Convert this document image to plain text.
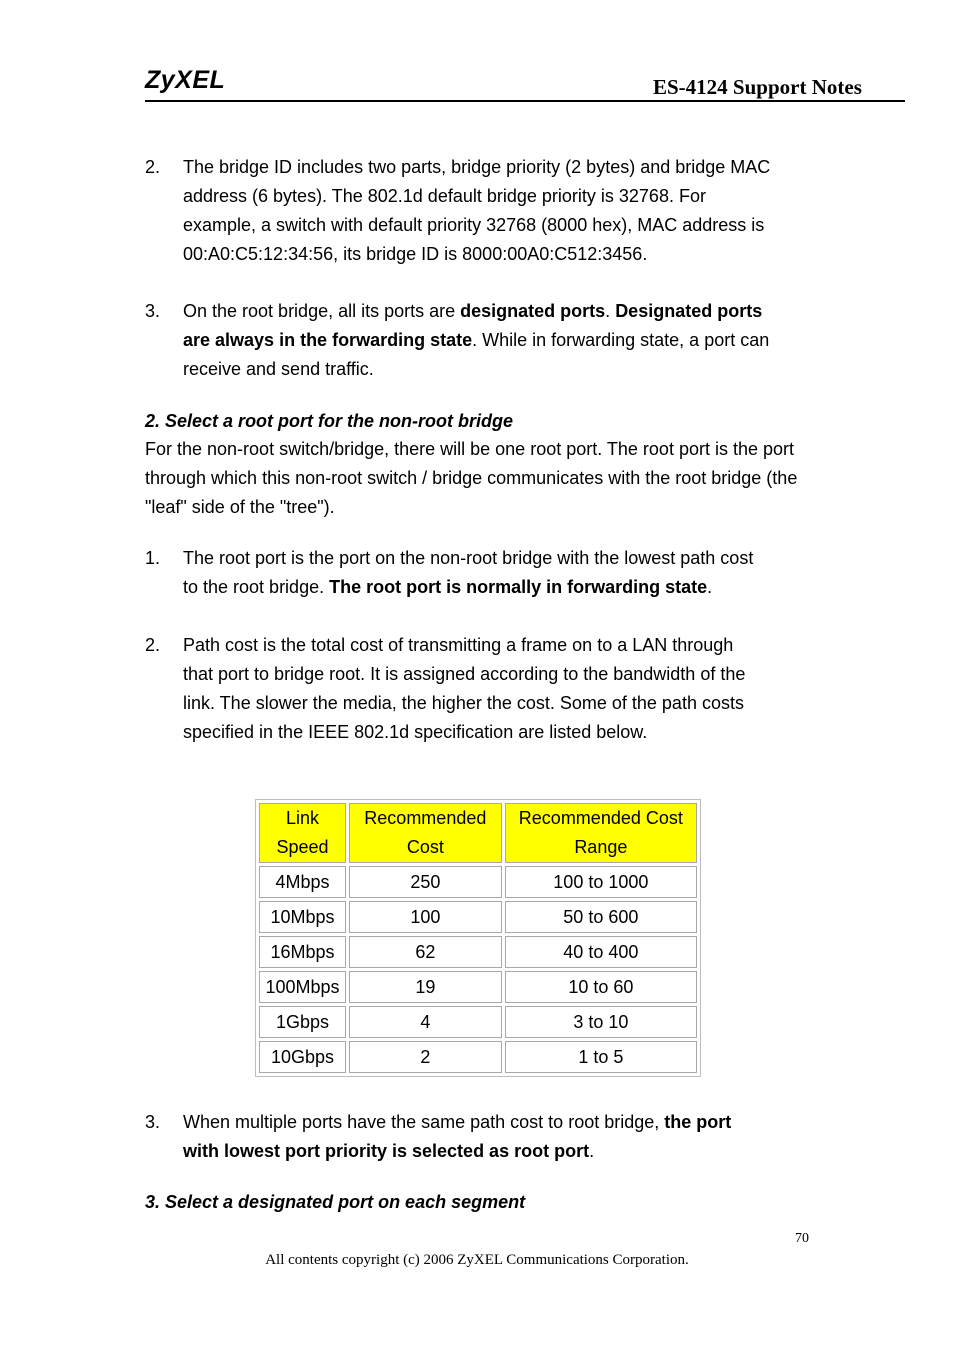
ZyXEL	ES-4124 Support Notes
2. The bridge ID includes two parts, bridge priority (2 bytes) and bridge MAC address (6 bytes). The 802.1d default bridge priority is 32768. For example, a switch with default priority 32768 (8000 hex), MAC address is 00:A0:C5:12:34:56, its bridge ID is 8000:00A0:C512:3456.
3. On the root bridge, all its ports are designated ports. Designated ports are always in the forwarding state. While in forwarding state, a port can receive and send traffic.
2. Select a root port for the non-root bridge
For the non-root switch/bridge, there will be one root port. The root port is the port through which this non-root switch / bridge communicates with the root bridge (the "leaf" side of the "tree").
1. The root port is the port on the non-root bridge with the lowest path cost to the root bridge. The root port is normally in forwarding state.
2. Path cost is the total cost of transmitting a frame on to a LAN through that port to bridge root. It is assigned according to the bandwidth of the link. The slower the media, the higher the cost. Some of the path costs specified in the IEEE 802.1d specification are listed below.
Link Speed	Recommended Cost	Recommended Cost Range
4Mbps	250	100 to 1000
10Mbps	100	50 to 600
16Mbps	62	40 to 400
100Mbps	19	10 to 60
1Gbps	4	3 to 10
10Gbps	2	1 to 5
3. When multiple ports have the same path cost to root bridge, the port with lowest port priority is selected as root port.
3. Select a designated port on each segment
70
All contents copyright (c) 2006 ZyXEL Communications Corporation.
